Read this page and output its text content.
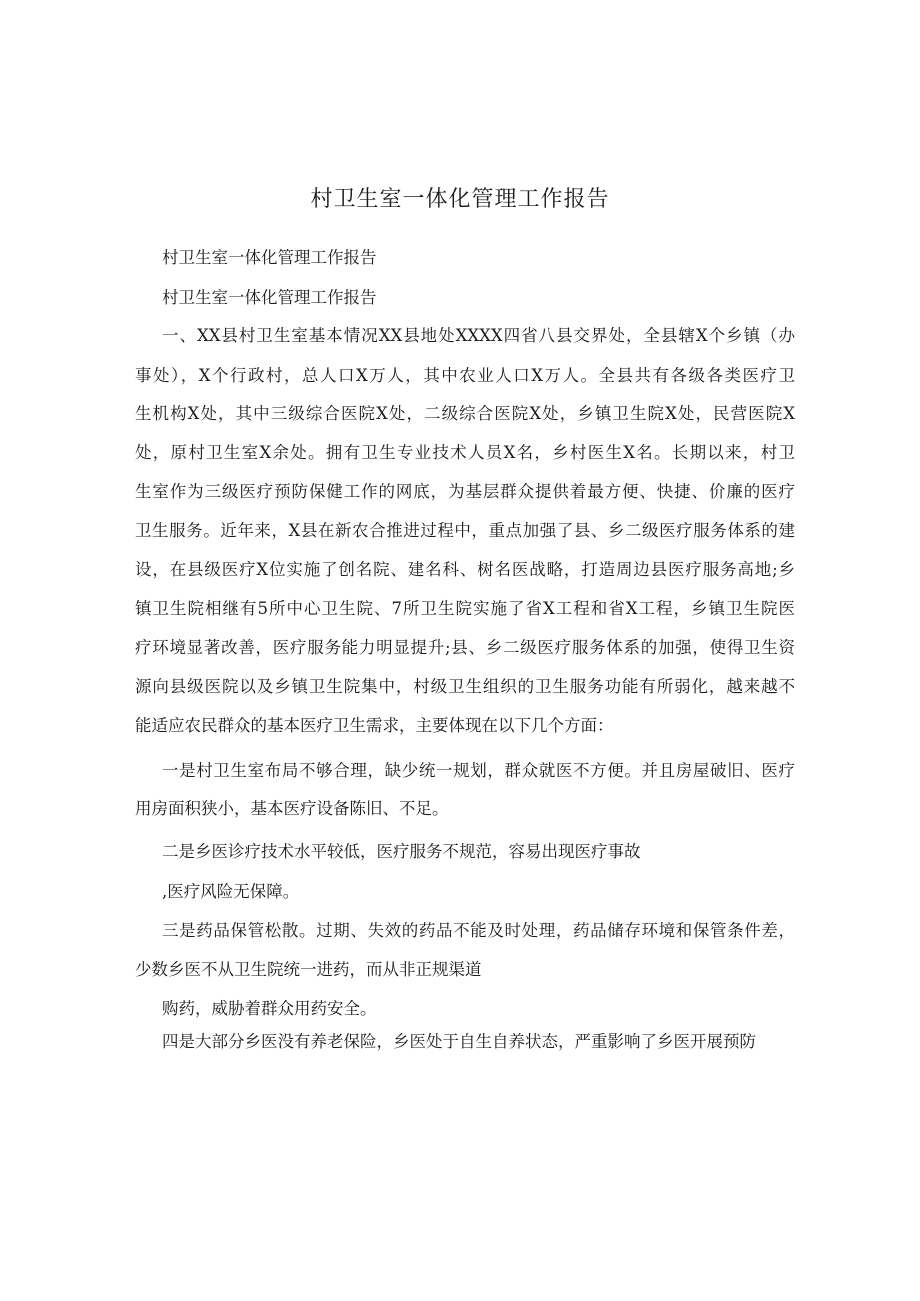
村卫生室一体化管理工作报告
村卫生室一体化管理工作报告
村卫生室一体化管理工作报告
一、XX县村卫生室基本情况XX县地处XXXX四省八县交界处，全县辖X个乡镇（办
事处），X个行政村，总人口X万人，其中农业人口X万人。全县共有各级各类医疗卫
生机构X处，其中三级综合医院X处，二级综合医院X处，乡镇卫生院X处，民营医院X
处，原村卫生室X余处。拥有卫生专业技术人员X名，乡村医生X名。长期以来，村卫
生室作为三级医疗预防保健工作的网底，为基层群众提供着最方便、快捷、价廉的医疗
卫生服务。近年来，X县在新农合推进过程中，重点加强了县、乡二级医疗服务体系的建
设，在县级医疗X位实施了创名院、建名科、树名医战略，打造周边县医疗服务高地;乡
镇卫生院相继有5所中心卫生院、7所卫生院实施了省X工程和省X工程，乡镇卫生院医
疗环境显著改善，医疗服务能力明显提升;县、乡二级医疗服务体系的加强，使得卫生资
源向县级医院以及乡镇卫生院集中，村级卫生组织的卫生服务功能有所弱化，越来越不
能适应农民群众的基本医疗卫生需求，主要体现在以下几个方面：
一是村卫生室布局不够合理，缺少统一规划，群众就医不方便。并且房屋破旧、医疗
用房面积狭小，基本医疗设备陈旧、不足。
二是乡医诊疗技术水平较低，医疗服务不规范，容易出现医疗事故
,医疗风险无保障。
三是药品保管松散。过期、失效的药品不能及时处理，药品储存环境和保管条件差，
少数乡医不从卫生院统一进药，而从非正规渠道
购药，威胁着群众用药安全。
四是大部分乡医没有养老保险，乡医处于自生自养状态，严重影响了乡医开展预防
